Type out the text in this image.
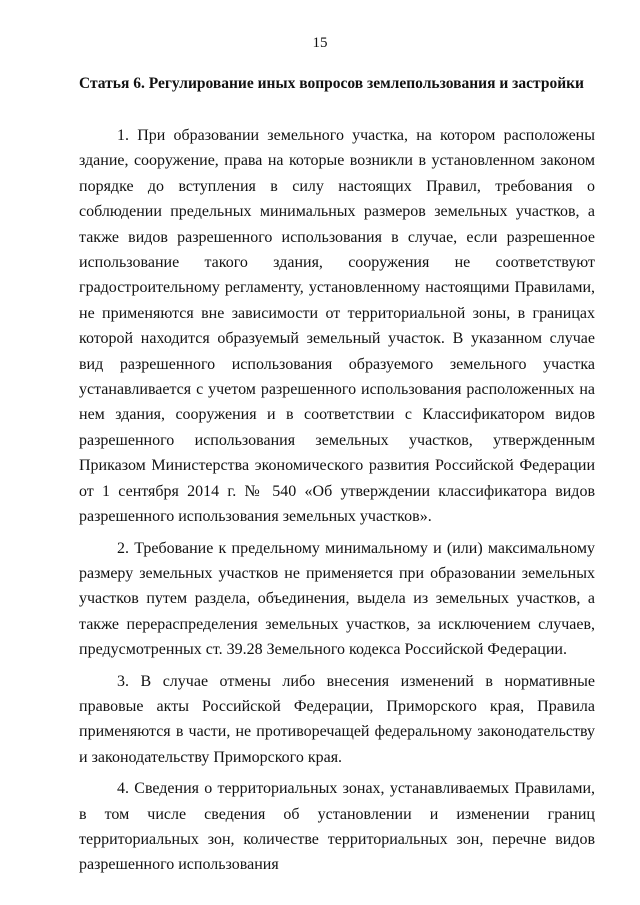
15
Статья 6. Регулирование иных вопросов землепользования и застройки

1. При образовании земельного участка, на котором расположены здание, сооружение, права на которые возникли в установленном законом порядке до вступления в силу настоящих Правил, требования о соблюдении предельных минимальных размеров земельных участков, а также видов разрешенного использования в случае, если разрешенное использование такого здания, сооружения не соответствуют градостроительному регламенту, установленному настоящими Правилами, не применяются вне зависимости от территориальной зоны, в границах которой находится образуемый земельный участок. В указанном случае вид разрешенного использования образуемого земельного участка устанавливается с учетом разрешенного использования расположенных на нем здания, сооружения и в соответствии с Классификатором видов разрешенного использования земельных участков, утвержденным Приказом Министерства экономического развития Российской Федерации от 1 сентября 2014 г. № 540 «Об утверждении классификатора видов разрешенного использования земельных участков».

2. Требование к предельному минимальному и (или) максимальному размеру земельных участков не применяется при образовании земельных участков путем раздела, объединения, выдела из земельных участков, а также перераспределения земельных участков, за исключением случаев, предусмотренных ст. 39.28 Земельного кодекса Российской Федерации.

3. В случае отмены либо внесения изменений в нормативные правовые акты Российской Федерации, Приморского края, Правила применяются в части, не противоречащей федеральному законодательству и законодательству Приморского края.

4. Сведения о территориальных зонах, устанавливаемых Правилами, в том числе сведения об установлении и изменении границ территориальных зон, количестве территориальных зон, перечне видов разрешенного использования
